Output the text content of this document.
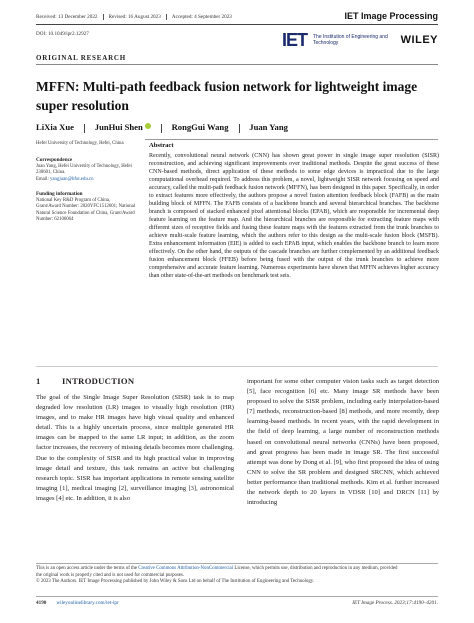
Received: 13 December 2022 Revised: 16 August 2023 Accepted: 4 September 2023	IET Image Processing
DOI: 10.1049/ipr2.12927	IET The Institution of Engineering and Technology	WILEY
ORIGINAL RESEARCH
MFFN: Multi-path feedback fusion network for lightweight image super resolution
LiXia Xue JunHui Shen	RongGui Wang Juan Yang
Hefei University of Technology, Hefei, China
Correspondence
Juan Yang, Hefei University of Technology, Hefei
230601, China.
Email: yangjuan@hfut.edu.cn
Funding information
National Key R&D Program of China,
Grant/Award Number: 2020YFC1512601; National
Natural Science Foundation of China, Grant/Award
Number: 62106064
Abstract
Recently, convolutional neural network (CNN) has shown great power in single image super resolution (SISR) reconstruction, and achieving significant improvements over traditional methods. Despite the great success of these CNN-based methods, direct application of these methods to some edge devices is impractical due to the large computational overhead required. To address this problem, a novel, lightweight SISR network focusing on speed and accuracy, called the multi-path feedback fusion network (MFFN), has been designed in this paper. Specifically, in order to extract features more effectively, the authors propose a novel fusion attention feedback block (FAFB) as the main building block of MFFN. The FAFB consists of a backbone branch and several hierarchical branches. The backbone branch is composed of stacked enhanced pixel attentional blocks (EPAB), which are responsible for incremental deep feature learning on the feature map. And the hierarchical branches are responsible for extracting feature maps with different sizes of receptive fields and fusing these feature maps with the features extracted from the trunk branches to achieve multi-scale feature learning, which the authors refer to this design as the multi-scale fusion block (MSFB). Extra enhancement information (EIE) is added to each EPAB input, which enables the backbone branch to learn more effectively. On the other hand, the outputs of the cascade branches are further complemented by an additional feedback fusion enhancement block (FFEB) before being fused with the output of the trunk branches to achieve more comprehensive and accurate feature learning. Numerous experiments have shown that MFFN achieves higher accuracy than other state-of-the-art methods on benchmark test sets.
1	INTRODUCTION
The goal of the Single Image Super Resolution (SISR) task is to map degraded low resolution (LR) images to visually high resolution (HR) images, and to make HR images have high visual quality and enhanced detail. This is a highly uncertain process, since multiple generated HR images can be mapped to the same LR input; in addition, as the zoom factor increases, the recovery of missing details becomes more challenging. Due to the complexity of SISR and its high practical value in improving image detail and texture, this task remains an active but challenging research topic. SISR has important applications in remote sensing satellite imaging [1], medical imaging [2], surveillance imaging [3], astronomical images [4] etc. In addition, it is also
important for some other computer vision tasks such as target detection [5], face recognition [6] etc. Many image SR methods have been proposed to solve the SISR problem, including early interpolation-based [7] methods, reconstruction-based [8] methods, and more recently, deep learning-based methods. In recent years, with the rapid development in the field of deep learning, a large number of reconstruction methods based on convolutional neural networks (CNNs) have been proposed, and great progress has been made in image SR. The first successful attempt was done by Dong et al. [9], who first proposed the idea of using CNN to solve the SR problem and designed SRCNN, which achieved better performance than traditional methods. Kim et al. further increased the network depth to 20 layers in VDSR [10] and DRCN [11] by introducing
This is an open access article under the terms of the Creative Commons Attribution-NonCommercial License, which permits use, distribution and reproduction in any medium, provided
the original work is properly cited and is not used for commercial purposes.
© 2023 The Authors. IET Image Processing published by John Wiley & Sons Ltd on behalf of The Institution of Engineering and Technology.
4190 wileyonlinelibrary.com/iet-ipr	IET Image Process. 2023;17:4190–4201.
